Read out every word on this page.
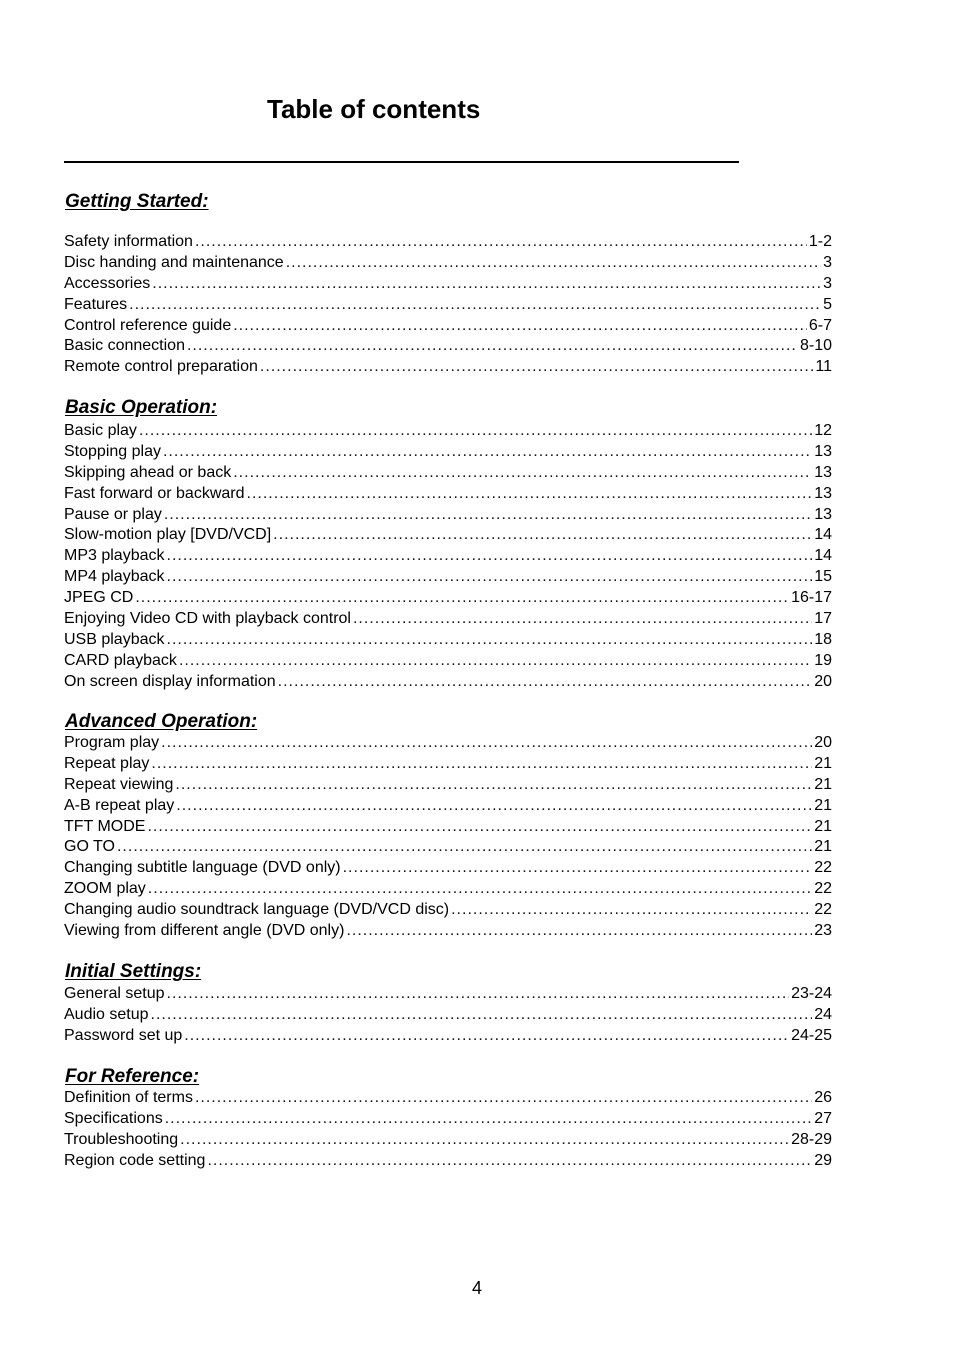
Table of contents
Getting Started:
Safety information .....	1-2
Disc handing and maintenance .....	3
Accessories .....	3
Features .....	5
Control reference guide .....	6-7
Basic connection .....	8-10
Remote control preparation .....	11
Basic Operation:
Basic play .....	12
Stopping play .....	13
Skipping ahead or back .....	13
Fast forward or backward .....	13
Pause or play .....	13
Slow-motion play [DVD/VCD] .....	14
MP3 playback .....	14
MP4 playback .....	15
JPEG CD .....	16-17
Enjoying Video CD with playback control .....	17
USB playback .....	18
CARD playback .....	19
On screen display information .....	20
Advanced Operation:
Program play .....	20
Repeat play .....	21
Repeat viewing .....	21
A-B repeat play .....	21
TFT MODE .....	21
GO TO .....	21
Changing subtitle language (DVD only) .....	22
ZOOM play .....	22
Changing audio soundtrack language (DVD/VCD disc) .....	22
Viewing from different angle (DVD only) .....	23
Initial Settings:
General setup .....	23-24
Audio setup .....	24
Password set up .....	24-25
For Reference:
Definition of terms .....	26
Specifications .....	27
Troubleshooting .....	28-29
Region code setting .....	29
4
